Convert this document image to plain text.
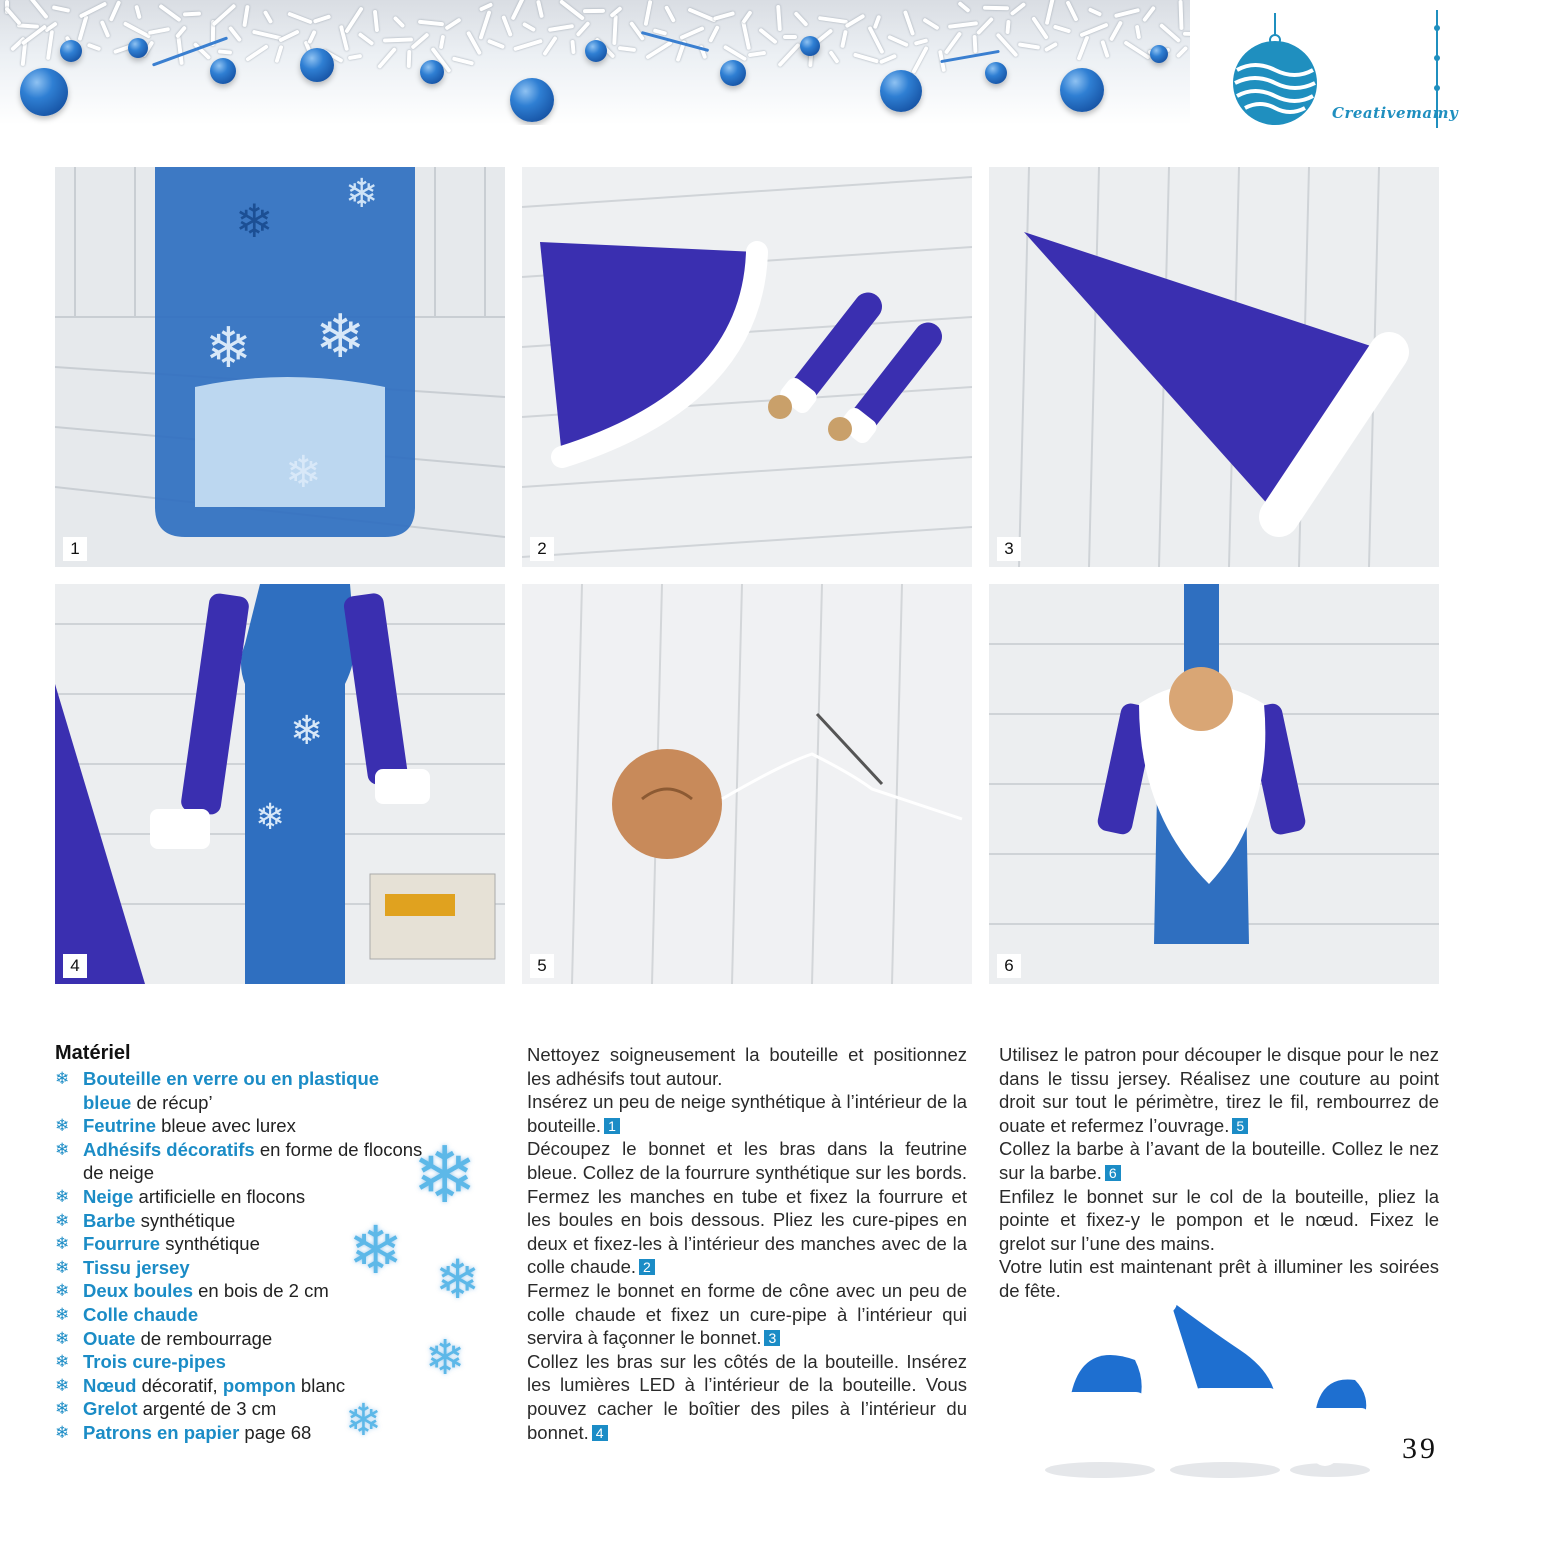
Creativemamy
❄ ❄
❄ ❄
❄
1	2	3
❄
❄
4	5	6
Matériel
❄ Bouteille en verre ou en plastique bleue de récup’
❄ Feutrine bleue avec lurex
❄ Adhésifs décoratifs en forme de flocons de neige
❄ Neige artificielle en flocons
❄ Barbe synthétique
❄ Fourrure synthétique
❄ Tissu jersey
❄ Deux boules en bois de 2 cm
❄ Colle chaude
❄ Ouate de rembourrage
❄ Trois cure-pipes
❄ Nœud décoratif, pompon blanc
❄ Grelot argenté de 3 cm
❄ Patrons en papier page 68
❄
❄ ❄
❄
❄

Nettoyez soigneusement la bouteille et positionnez les adhésifs tout autour.

Insérez un peu de neige synthétique à l’intérieur de la bouteille. 1

Découpez le bonnet et les bras dans la feutrine bleue. Collez de la fourrure synthétique sur les bords. Fermez les manches en tube et fixez la fourrure et les boules en bois dessous. Pliez les cure-pipes en deux et fixez-les à l’intérieur des manches avec de la colle chaude. 2

Fermez le bonnet en forme de cône avec un peu de colle chaude et fixez un cure-pipe à l’intérieur qui servira à façonner le bonnet. 3

Collez les bras sur les côtés de la bouteille. Insérez les lumières LED à l’intérieur de la bouteille. Vous pouvez cacher le boîtier des piles à l’intérieur du bonnet. 4

Utilisez le patron pour découper le disque pour le nez dans le tissu jersey. Réalisez une couture au point droit sur tout le périmètre, tirez le fil, rembourrez de ouate et refermez l’ouvrage. 5

Collez la barbe à l’avant de la bouteille. Collez le nez sur la barbe. 6

Enfilez le bonnet sur le col de la bouteille, pliez la pointe et fixez-y le pompon et le nœud. Fixez le grelot sur l’une des mains.

Votre lutin est maintenant prêt à illuminer les soirées de fête.

39
